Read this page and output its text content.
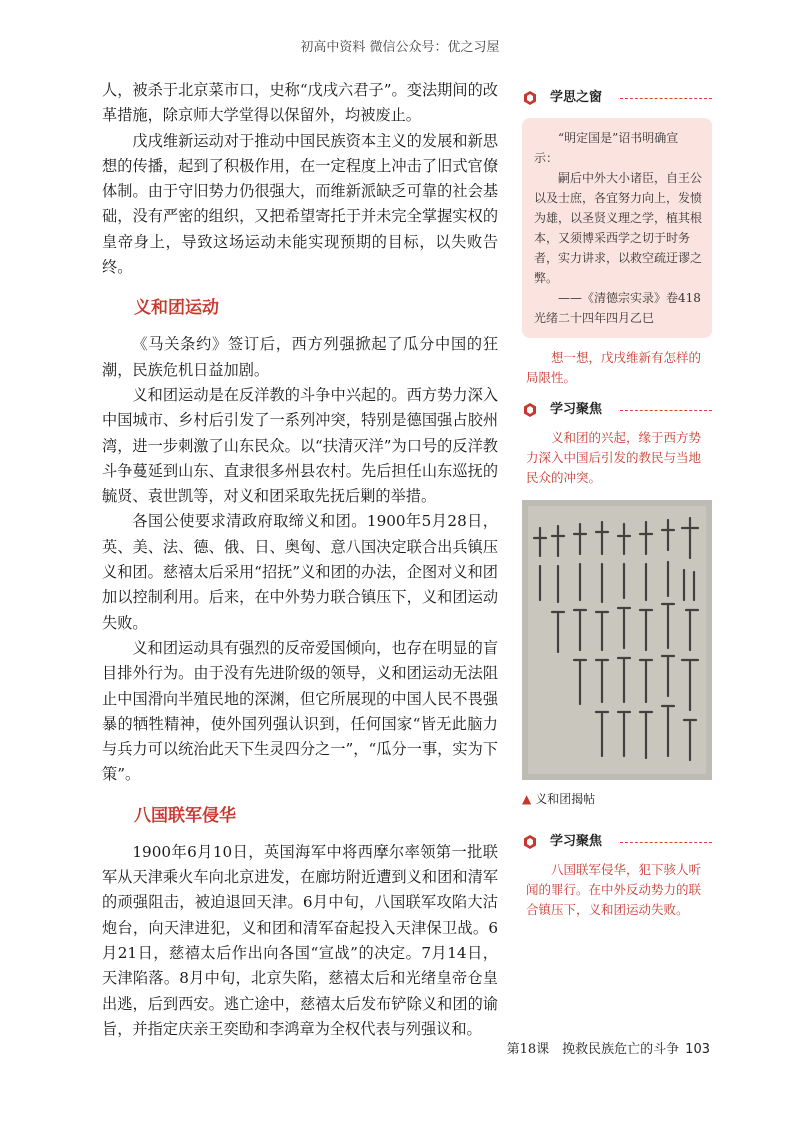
初高中资料 微信公众号：优之习屋

人，被杀于北京菜市口，史称“戊戌六君子”。变法期间的改革措施，除京师大学堂得以保留外，均被废止。

戊戌维新运动对于推动中国民族资本主义的发展和新思想的传播，起到了积极作用，在一定程度上冲击了旧式官僚体制。由于守旧势力仍很强大，而维新派缺乏可靠的社会基础，没有严密的组织，又把希望寄托于并未完全掌握实权的皇帝身上，导致这场运动未能实现预期的目标，以失败告终。

义和团运动

《马关条约》签订后，西方列强掀起了瓜分中国的狂潮，民族危机日益加剧。

义和团运动是在反洋教的斗争中兴起的。西方势力深入中国城市、乡村后引发了一系列冲突，特别是德国强占胶州湾，进一步刺激了山东民众。以“扶清灭洋”为口号的反洋教斗争蔓延到山东、直隶很多州县农村。先后担任山东巡抚的毓贤、袁世凯等，对义和团采取先抚后剿的举措。

各国公使要求清政府取缔义和团。1900年5月28日，英、美、法、德、俄、日、奥匈、意八国决定联合出兵镇压义和团。慈禧太后采用“招抚”义和团的办法，企图对义和团加以控制利用。后来，在中外势力联合镇压下，义和团运动失败。

义和团运动具有强烈的反帝爱国倾向，也存在明显的盲目排外行为。由于没有先进阶级的领导，义和团运动无法阻止中国滑向半殖民地的深渊，但它所展现的中国人民不畏强暴的牺牲精神，使外国列强认识到，任何国家“皆无此脑力与兵力可以统治此天下生灵四分之一”，“瓜分一事，实为下策”。

八国联军侵华

1900年6月10日，英国海军中将西摩尔率领第一批联军从天津乘火车向北京进发，在廊坊附近遭到义和团和清军的顽强阻击，被迫退回天津。6月中旬，八国联军攻陷大沽炮台，向天津进犯，义和团和清军奋起投入天津保卫战。6月21日，慈禧太后作出向各国“宣战”的决定。7月14日，天津陷落。8月中旬，北京失陷，慈禧太后和光绪皇帝仓皇出逃，后到西安。逃亡途中，慈禧太后发布铲除义和团的谕旨，并指定庆亲王奕劻和李鸿章为全权代表与列强议和。

学思之窗

“明定国是”诏书明确宣示：

嗣后中外大小诸臣，自王公以及士庶，各宜努力向上，发愤为雄，以圣贤义理之学，植其根本，又须博采西学之切于时务者，实力讲求，以救空疏迂谬之弊。

——《清德宗实录》卷418

光绪二十四年四月乙巳

想一想，戊戌维新有怎样的局限性。

学习聚焦

义和团的兴起，缘于西方势力深入中国后引发的教民与当地民众的冲突。

▲ 义和团揭帖
学习聚焦

八国联军侵华，犯下骇人听闻的罪行。在中外反动势力的联合镇压下，义和团运动失败。

第18课　挽救民族危亡的斗争 103
